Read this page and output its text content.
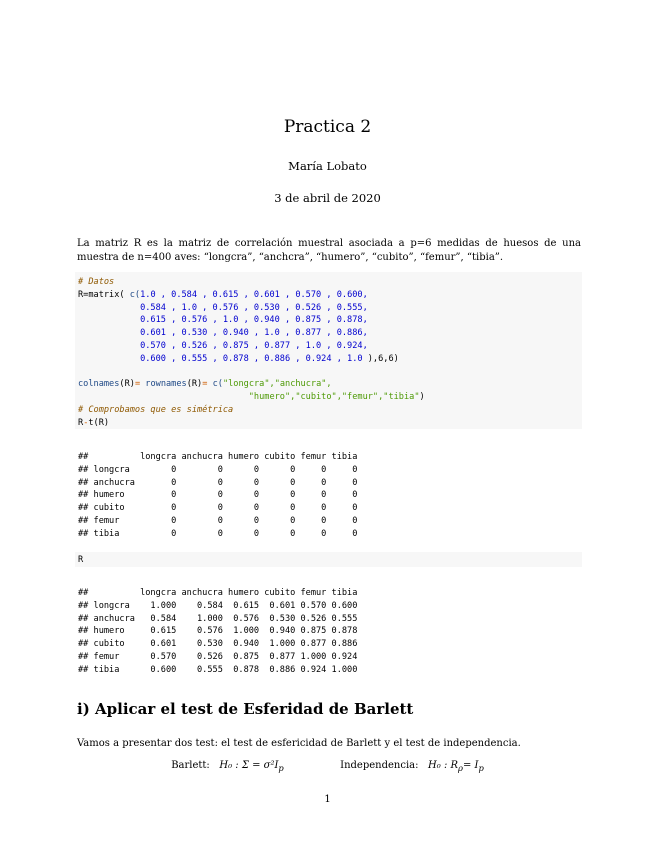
Practica 2
María Lobato
3 de abril de 2020
La matriz R es la matriz de correlación muestral asociada a p=6 medidas de huesos de una muestra de n=400 aves: “longcra”, “anchcra”, “humero”, “cubito”, “femur”, “tibia”.
# Datos
R=matrix( c(1.0 , 0.584 , 0.615 , 0.601 , 0.570 , 0.600,
0.584 , 1.0 , 0.576 , 0.530 , 0.526 , 0.555,
0.615 , 0.576 , 1.0 , 0.940 , 0.875 , 0.878,
0.601 , 0.530 , 0.940 , 1.0 , 0.877 , 0.886,
0.570 , 0.526 , 0.875 , 0.877 , 1.0 , 0.924,
0.600 , 0.555 , 0.878 , 0.886 , 0.924 , 1.0 ),6,6)

colnames(R)= rownames(R)= c("longcra","anchucra",
"humero","cubito","femur","tibia")
# Comprobamos que es simétrica
R-t(R)
##          longcra anchucra humero cubito femur tibia
## longcra        0        0      0      0     0     0
## anchucra       0        0      0      0     0     0
## humero         0        0      0      0     0     0
## cubito         0        0      0      0     0     0
## femur          0        0      0      0     0     0
## tibia          0        0      0      0     0     0
R
##          longcra anchucra humero cubito femur tibia
## longcra    1.000    0.584  0.615  0.601 0.570 0.600
## anchucra   0.584    1.000  0.576  0.530 0.526 0.555
## humero     0.615    0.576  1.000  0.940 0.875 0.878
## cubito     0.601    0.530  0.940  1.000 0.877 0.886
## femur      0.570    0.526  0.875  0.877 1.000 0.924
## tibia      0.600    0.555  0.878  0.886 0.924 1.000
i) Aplicar el test de Esferidad de Barlett
Vamos a presentar dos test: el test de esfericidad de Barlett y el test de independencia.
Barlett: H₀ : $\Sigma = \sigma^2I_p$	Independencia: H₀ : $R_\rho= I_p$
1
